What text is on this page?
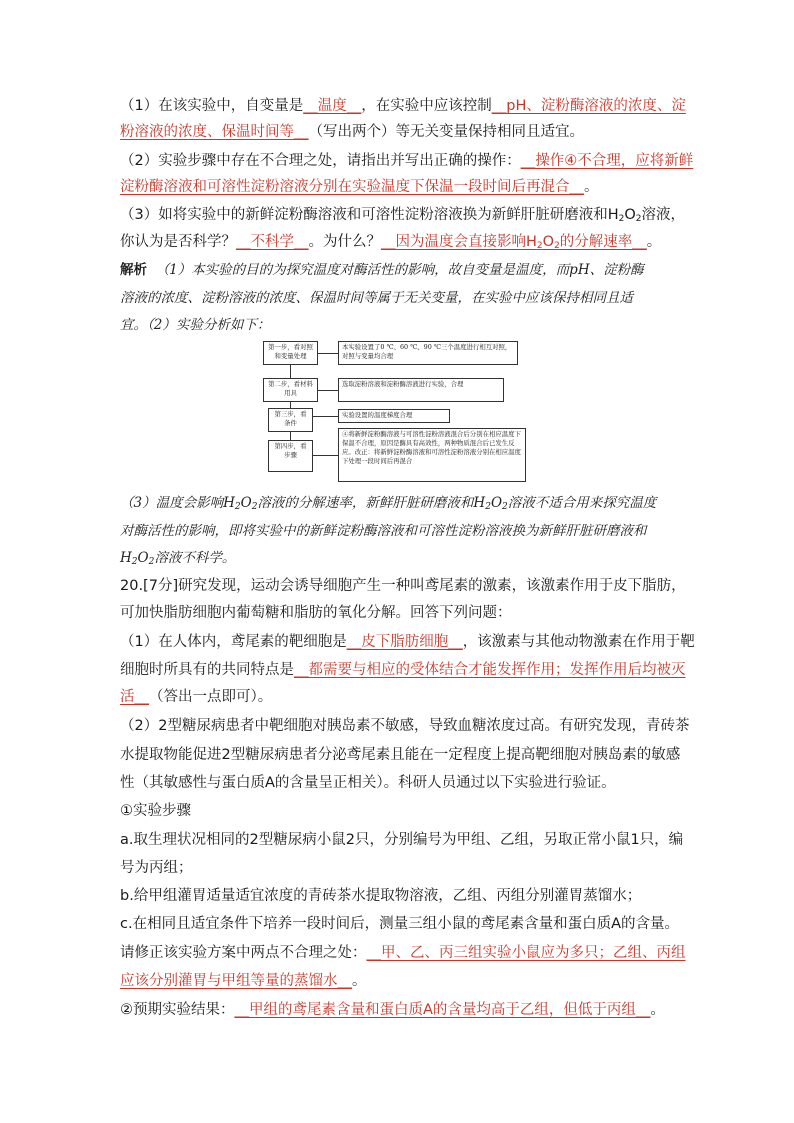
（1）在该实验中，自变量是__温度__，在实验中应该控制__pH、淀粉酶溶液的浓度、淀
粉溶液的浓度、保温时间等__（写出两个）等无关变量保持相同且适宜。
（2）实验步骤中存在不合理之处，请指出并写出正确的操作：__操作④不合理，应将新鲜
淀粉酶溶液和可溶性淀粉溶液分别在实验温度下保温一段时间后再混合__。
（3）如将实验中的新鲜淀粉酶溶液和可溶性淀粉溶液换为新鲜肝脏研磨液和$H_2O_2$溶液，
你认为是否科学？__不科学__。为什么？__因为温度会直接影响$H_2O_2$的分解速率__。
解析 （1）本实验的目的为探究温度对酶活性的影响，故自变量是温度，而pH、淀粉酶
溶液的浓度、淀粉溶液的浓度、保温时间等属于无关变量，在实验中应该保持相同且适
宜。（2）实验分析如下：
第一步，看对照和变量处理
本实验设置了0 ℃、60 ℃、90 ℃三个温度进行相互对照，对照与变量均合理
第二步，看材料用具
选取淀粉溶液和淀粉酶溶液进行实验，合理
第三步，看条件
实验设置的温度梯度合理
第四步，看步骤
④将新鲜淀粉酶溶液与可溶性淀粉溶液混合后分别在相应温度下保温不合理，原因是酶具有高效性，两种物质混合后已发生反应。改正：将新鲜淀粉酶溶液和可溶性淀粉溶液分别在相应温度下处理一段时间后再混合
（3）温度会影响$H_2O_2$溶液的分解速率，新鲜肝脏研磨液和$H_2O_2$溶液不适合用来探究温度
对酶活性的影响，即将实验中的新鲜淀粉酶溶液和可溶性淀粉溶液换为新鲜肝脏研磨液和
$H_2O_2$溶液不科学。
20.[7分]研究发现，运动会诱导细胞产生一种叫鸢尾素的激素，该激素作用于皮下脂肪，
可加快脂肪细胞内葡萄糖和脂肪的氧化分解。回答下列问题：
（1）在人体内，鸢尾素的靶细胞是__皮下脂肪细胞__，该激素与其他动物激素在作用于靶
细胞时所具有的共同特点是__都需要与相应的受体结合才能发挥作用；发挥作用后均被灭
活__（答出一点即可）。
（2）2型糖尿病患者中靶细胞对胰岛素不敏感，导致血糖浓度过高。有研究发现，青砖茶
水提取物能促进2型糖尿病患者分泌鸢尾素且能在一定程度上提高靶细胞对胰岛素的敏感
性（其敏感性与蛋白质A的含量呈正相关）。科研人员通过以下实验进行验证。
①实验步骤
a.取生理状况相同的2型糖尿病小鼠2只，分别编号为甲组、乙组，另取正常小鼠1只，编
号为丙组；
b.给甲组灌胃适量适宜浓度的青砖茶水提取物溶液，乙组、丙组分别灌胃蒸馏水；
c.在相同且适宜条件下培养一段时间后，测量三组小鼠的鸢尾素含量和蛋白质A的含量。
请修正该实验方案中两点不合理之处：__甲、乙、丙三组实验小鼠应为多只；乙组、丙组
应该分别灌胃与甲组等量的蒸馏水__。
②预期实验结果：__甲组的鸢尾素含量和蛋白质A的含量均高于乙组，但低于丙组__。
